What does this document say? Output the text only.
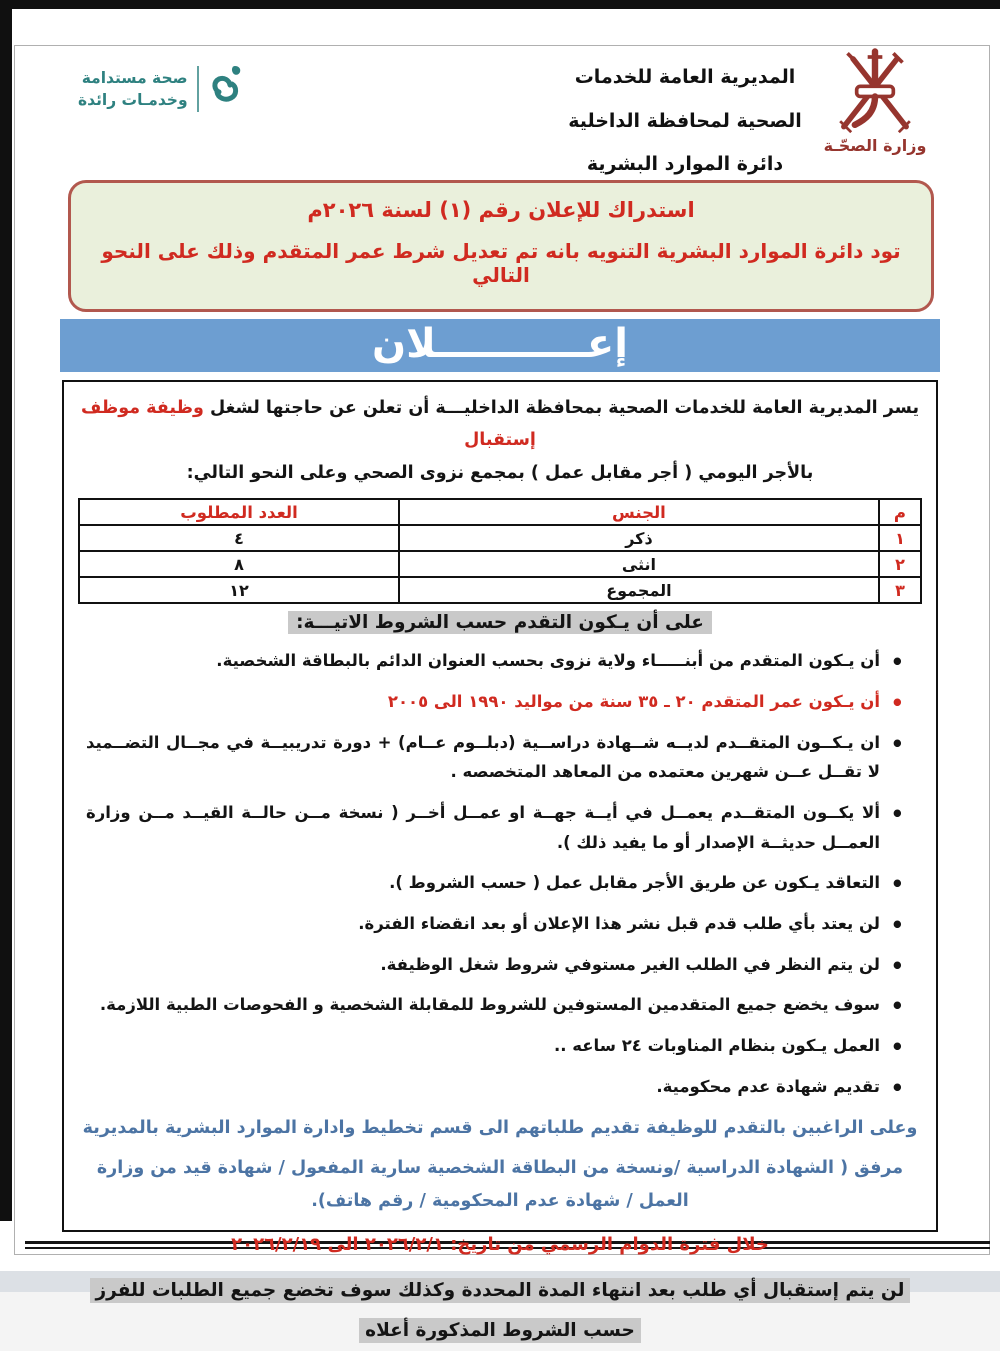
المديرية العامة للخدمات
الصحية لمحافظة الداخلية
دائرة الموارد البشرية
وزارة الصحّـة
صحة مستدامة
وخدمـات رائدة
استدراك للإعلان رقم (١) لسنة ٢٠٢٦م
تود دائرة الموارد البشرية التنويه بانه تم تعديل شرط عمر المتقدم وذلك على النحو التالي
إعـــــــــــلان
يسر المديرية العامة للخدمات الصحية بمحافظة الداخليـــة أن تعلن عن حاجتها لشغل وظيفة موظف إستقبال
بالأجر اليومي ( أجر مقابل عمل ) بمجمع نزوى الصحي وعلى النحو التالي:
م	الجنس	العدد المطلوب
١	ذكر	٤
٢	انثى	٨
٣	المجموع	١٢
على أن يـكون التقدم حسب الشروط الاتيـــة:
• أن يـكون المتقدم من أبنـــــاء ولاية نزوى بحسب العنوان الدائم بالبطاقة الشخصية.
• أن يـكون عمر المتقدم ٢٠ ـ ٣٥ سنة من مواليد ١٩٩٠ الى ٢٠٠٥
• ان يـكــون المتقــدم لديــه شــهادة دراســية (دبلــوم عــام) + دورة تدريبيــة في مجــال التضــميد لا تقــل عــن شهرين معتمده من المعاهد المتخصصه .
• ألا يكــون المتقــدم يعمــل في أيــة جهــة او عمــل أخــر ( نسخة مــن حالــة القيــد مــن وزارة العمــل حديثــة الإصدار أو ما يفيد ذلك ).
• التعاقد يـكون عن طريق الأجر مقابل عمل ( حسب الشروط ).
• لن يعتد بأي طلب قدم قبل نشر هذا الإعلان أو بعد انقضاء الفترة.
• لن يتم النظر في الطلب الغير مستوفي شروط شغل الوظيفة.
• سوف يخضع جميع المتقدمين المستوفين للشروط للمقابلة الشخصية و الفحوصات الطبية اللازمة.
• العمل يـكون بنظام المناوبات ٢٤ ساعه ..
• تقديم شهادة عدم محكومية.
وعلى الراغبين بالتقدم للوظيفة تقديم طلباتهم الى قسم تخطيط وادارة الموارد البشرية بالمديرية
مرفق ( الشهادة الدراسية /ونسخة من البطاقة الشخصية سارية المفعول / شهادة قيد من وزارة العمل / شهادة عدم المحكومية / رقم هاتف).
خلال فترة الدوام الرسمي من تاريخ: ٢٠٢٦/٢/١ الى ٢٠٢٦/٢/١٩
لن يتم إستقبال أي طلب بعد انتهاء المدة المحددة وكذلك سوف تخضع جميع الطلبات للفرز حسب الشروط المذكورة أعلاه
